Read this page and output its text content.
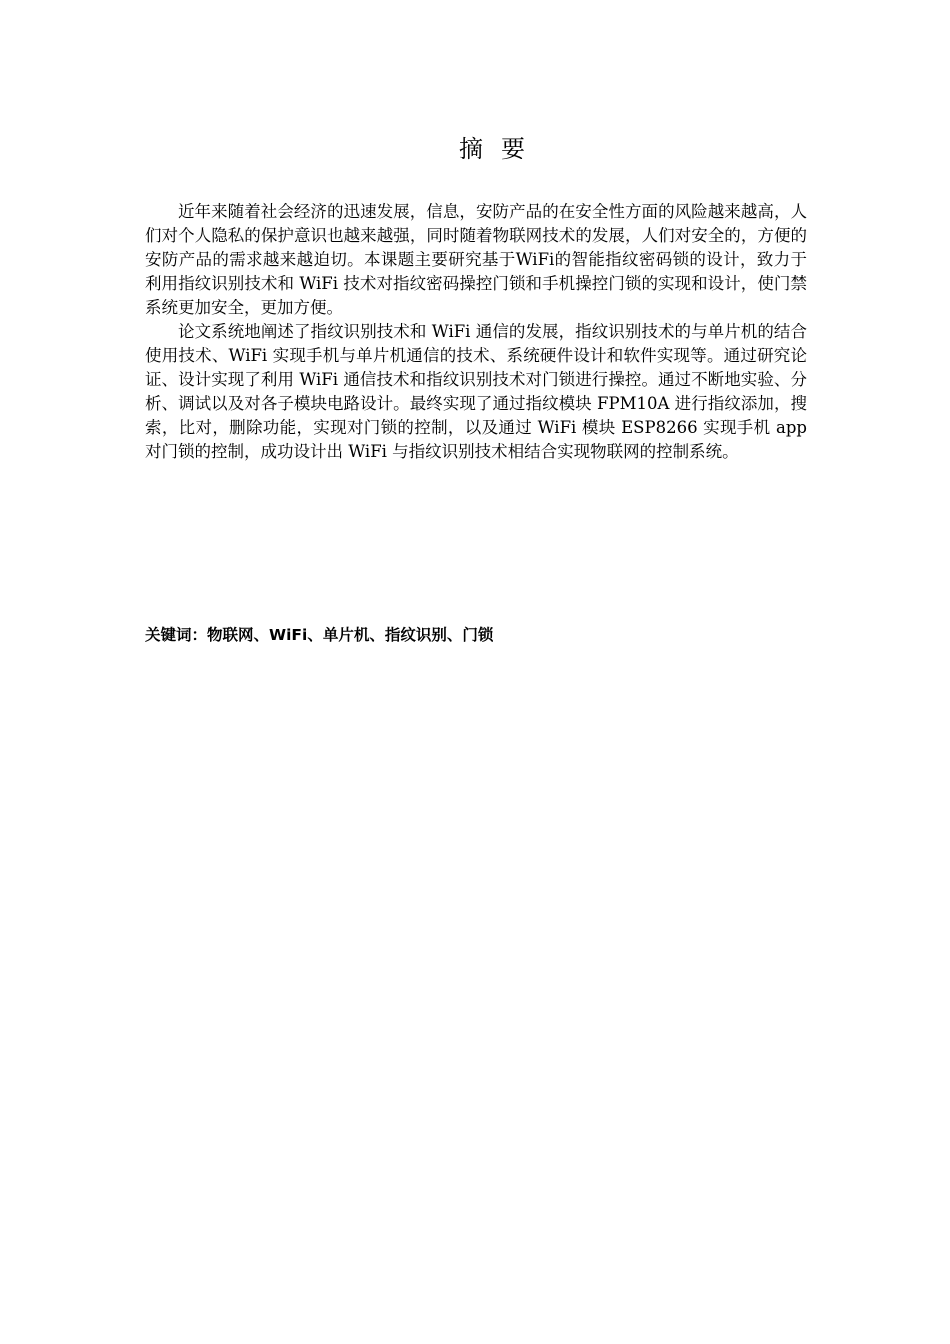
摘要

近年来随着社会经济的迅速发展，信息，安防产品的在安全性方面的风险越来越高，人们对个人隐私的保护意识也越来越强，同时随着物联网技术的发展，人们对安全的，方便的安防产品的需求越来越迫切。本课题主要研究基于WiFi的智能指纹密码锁的设计，致力于利用指纹识别技术和 WiFi 技术对指纹密码操控门锁和手机操控门锁的实现和设计，使门禁系统更加安全，更加方便。

论文系统地阐述了指纹识别技术和 WiFi 通信的发展，指纹识别技术的与单片机的结合使用技术、WiFi 实现手机与单片机通信的技术、系统硬件设计和软件实现等。通过研究论证、设计实现了利用 WiFi 通信技术和指纹识别技术对门锁进行操控。通过不断地实验、分析、调试以及对各子模块电路设计。最终实现了通过指纹模块 FPM10A 进行指纹添加，搜索，比对，删除功能，实现对门锁的控制，以及通过 WiFi 模块 ESP8266 实现手机 app 对门锁的控制，成功设计出 WiFi 与指纹识别技术相结合实现物联网的控制系统。

关键词：物联网、WiFi、单片机、指纹识别、门锁
